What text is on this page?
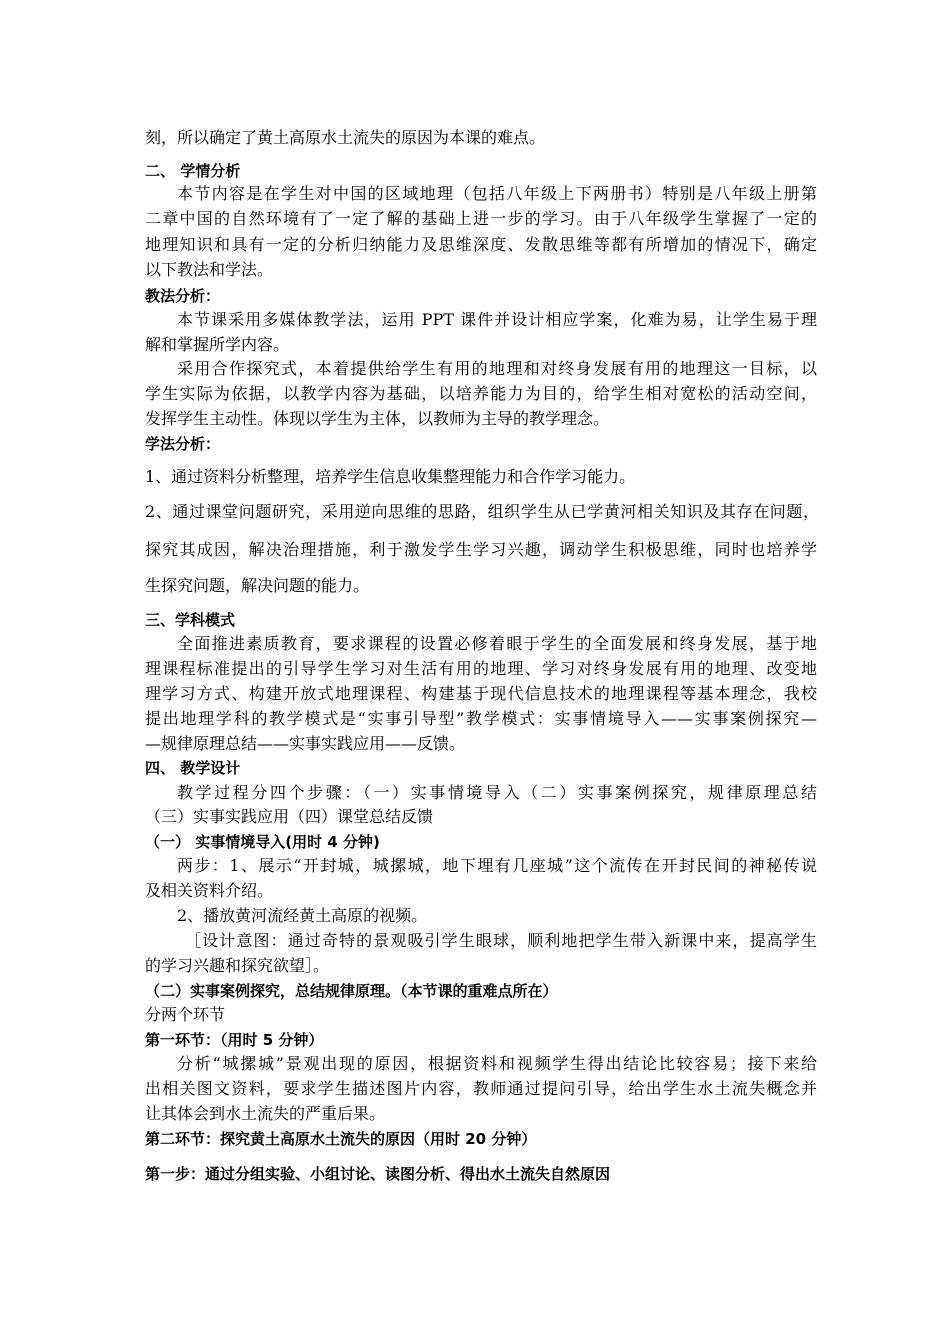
刻，所以确定了黄土高原水土流失的原因为本课的难点。
二、 学情分析
本节内容是在学生对中国的区域地理（包括八年级上下两册书）特别是八年级上册第
二章中国的自然环境有了一定了解的基础上进一步的学习。由于八年级学生掌握了一定的
地理知识和具有一定的分析归纳能力及思维深度、发散思维等都有所增加的情况下，确定
以下教法和学法。
教法分析：
本节课采用多媒体教学法，运用 PPT 课件并设计相应学案，化难为易，让学生易于理
解和掌握所学内容。
采用合作探究式，本着提供给学生有用的地理和对终身发展有用的地理这一目标，以
学生实际为依据，以教学内容为基础，以培养能力为目的，给学生相对宽松的活动空间，
发挥学生主动性。体现以学生为主体，以教师为主导的教学理念。
学法分析：
1、通过资料分析整理，培养学生信息收集整理能力和合作学习能力。
2、通过课堂问题研究，采用逆向思维的思路，组织学生从已学黄河相关知识及其存在问题，
探究其成因，解决治理措施，利于激发学生学习兴趣，调动学生积极思维，同时也培养学
生探究问题，解决问题的能力。
三、学科模式
全面推进素质教育，要求课程的设置必修着眼于学生的全面发展和终身发展，基于地
理课程标准提出的引导学生学习对生活有用的地理、学习对终身发展有用的地理、改变地
理学习方式、构建开放式地理课程、构建基于现代信息技术的地理课程等基本理念，我校
提出地理学科的教学模式是“实事引导型”教学模式：实事情境导入——实事案例探究—
—规律原理总结——实事实践应用——反馈。
四、 教学设计
教学过程分四个步骤：（一）实事情境导入（二）实事案例探究，规律原理总结
（三）实事实践应用（四）课堂总结反馈
（一） 实事情境导入(用时 4 分钟)
两步：1、展示“开封城，城摞城，地下埋有几座城”这个流传在开封民间的神秘传说
及相关资料介绍。
2、播放黄河流经黄土高原的视频。
［设计意图：通过奇特的景观吸引学生眼球，顺利地把学生带入新课中来，提高学生
的学习兴趣和探究欲望］。
（二）实事案例探究，总结规律原理。（本节课的重难点所在）
分两个环节
第一环节：（用时 5 分钟）
分析“城摞城”景观出现的原因，根据资料和视频学生得出结论比较容易；接下来给
出相关图文资料，要求学生描述图片内容，教师通过提问引导，给出学生水土流失概念并
让其体会到水土流失的严重后果。
第二环节：探究黄土高原水土流失的原因（用时 20 分钟）
第一步：通过分组实验、小组讨论、读图分析、得出水土流失自然原因
